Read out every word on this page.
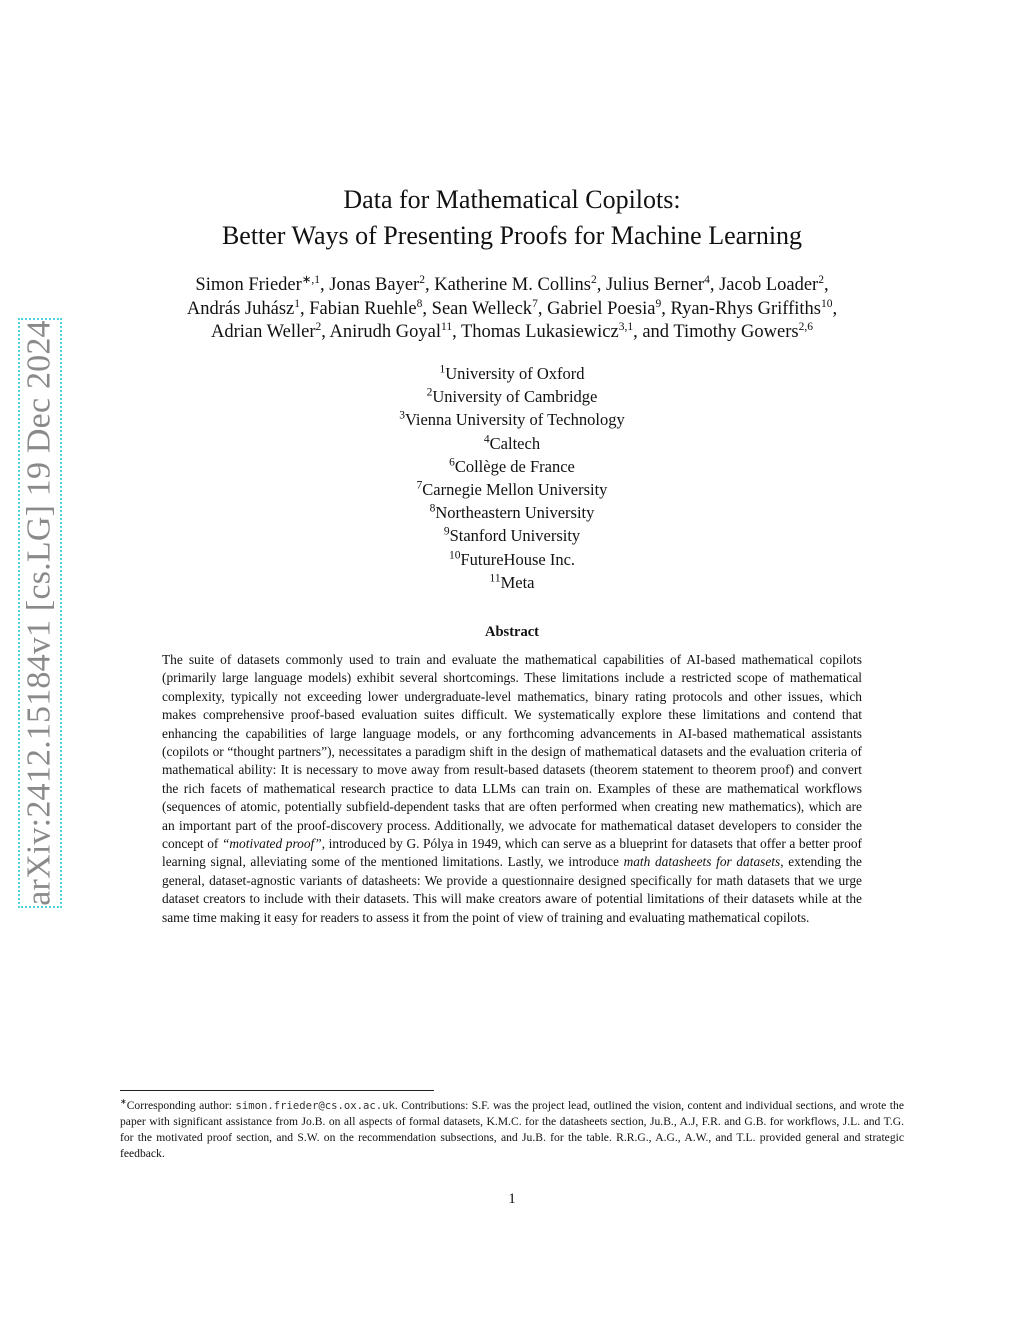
arXiv:2412.15184v1 [cs.LG] 19 Dec 2024
Data for Mathematical Copilots:
Better Ways of Presenting Proofs for Machine Learning
Simon Frieder$^{∗,1}$, Jonas Bayer$^2$, Katherine M. Collins$^2$, Julius Berner$^4$, Jacob Loader$^2$,
András Juhász$^1$, Fabian Ruehle$^8$, Sean Welleck$^7$, Gabriel Poesia$^9$, Ryan-Rhys Griffiths$^{10}$,
Adrian Weller$^2$, Anirudh Goyal$^{11}$, Thomas Lukasiewicz$^{3,1}$, and Timothy Gowers$^{2,6}$
$^1$University of Oxford
$^2$University of Cambridge
$^3$Vienna University of Technology
$^4$Caltech
$^6$Collège de France
$^7$Carnegie Mellon University
$^8$Northeastern University
$^9$Stanford University
$^{10}$FutureHouse Inc.
$^{11}$Meta
Abstract
The suite of datasets commonly used to train and evaluate the mathematical capabilities of AI-based mathematical copilots (primarily large language models) exhibit several shortcomings. These limitations include a restricted scope of mathematical complexity, typically not exceeding lower undergraduate-level mathematics, binary rating protocols and other issues, which makes comprehensive proof-based evaluation suites difficult. We systematically explore these limitations and contend that enhancing the capabilities of large language models, or any forthcoming advancements in AI-based mathematical assistants (copilots or “thought partners”), necessitates a paradigm shift in the design of mathematical datasets and the evaluation criteria of mathematical ability: It is necessary to move away from result-based datasets (theorem statement to theorem proof) and convert the rich facets of mathematical research practice to data LLMs can train on. Examples of these are mathematical workflows (sequences of atomic, potentially subfield-dependent tasks that are often performed when creating new mathematics), which are an important part of the proof-discovery process. Additionally, we advocate for mathematical dataset developers to consider the concept of “motivated proof”, introduced by G. Pólya in 1949, which can serve as a blueprint for datasets that offer a better proof learning signal, alleviating some of the mentioned limitations. Lastly, we introduce math datasheets for datasets, extending the general, dataset-agnostic variants of datasheets: We provide a questionnaire designed specifically for math datasets that we urge dataset creators to include with their datasets. This will make creators aware of potential limitations of their datasets while at the same time making it easy for readers to assess it from the point of view of training and evaluating mathematical copilots.
∗Corresponding author: simon.frieder@cs.ox.ac.uk. Contributions: S.F. was the project lead, outlined the vision, content and individual sections, and wrote the paper with significant assistance from Jo.B. on all aspects of formal datasets, K.M.C. for the datasheets section, Ju.B., A.J, F.R. and G.B. for workflows, J.L. and T.G. for the motivated proof section, and S.W. on the recommendation subsections, and Ju.B. for the table. R.R.G., A.G., A.W., and T.L. provided general and strategic feedback.
1
